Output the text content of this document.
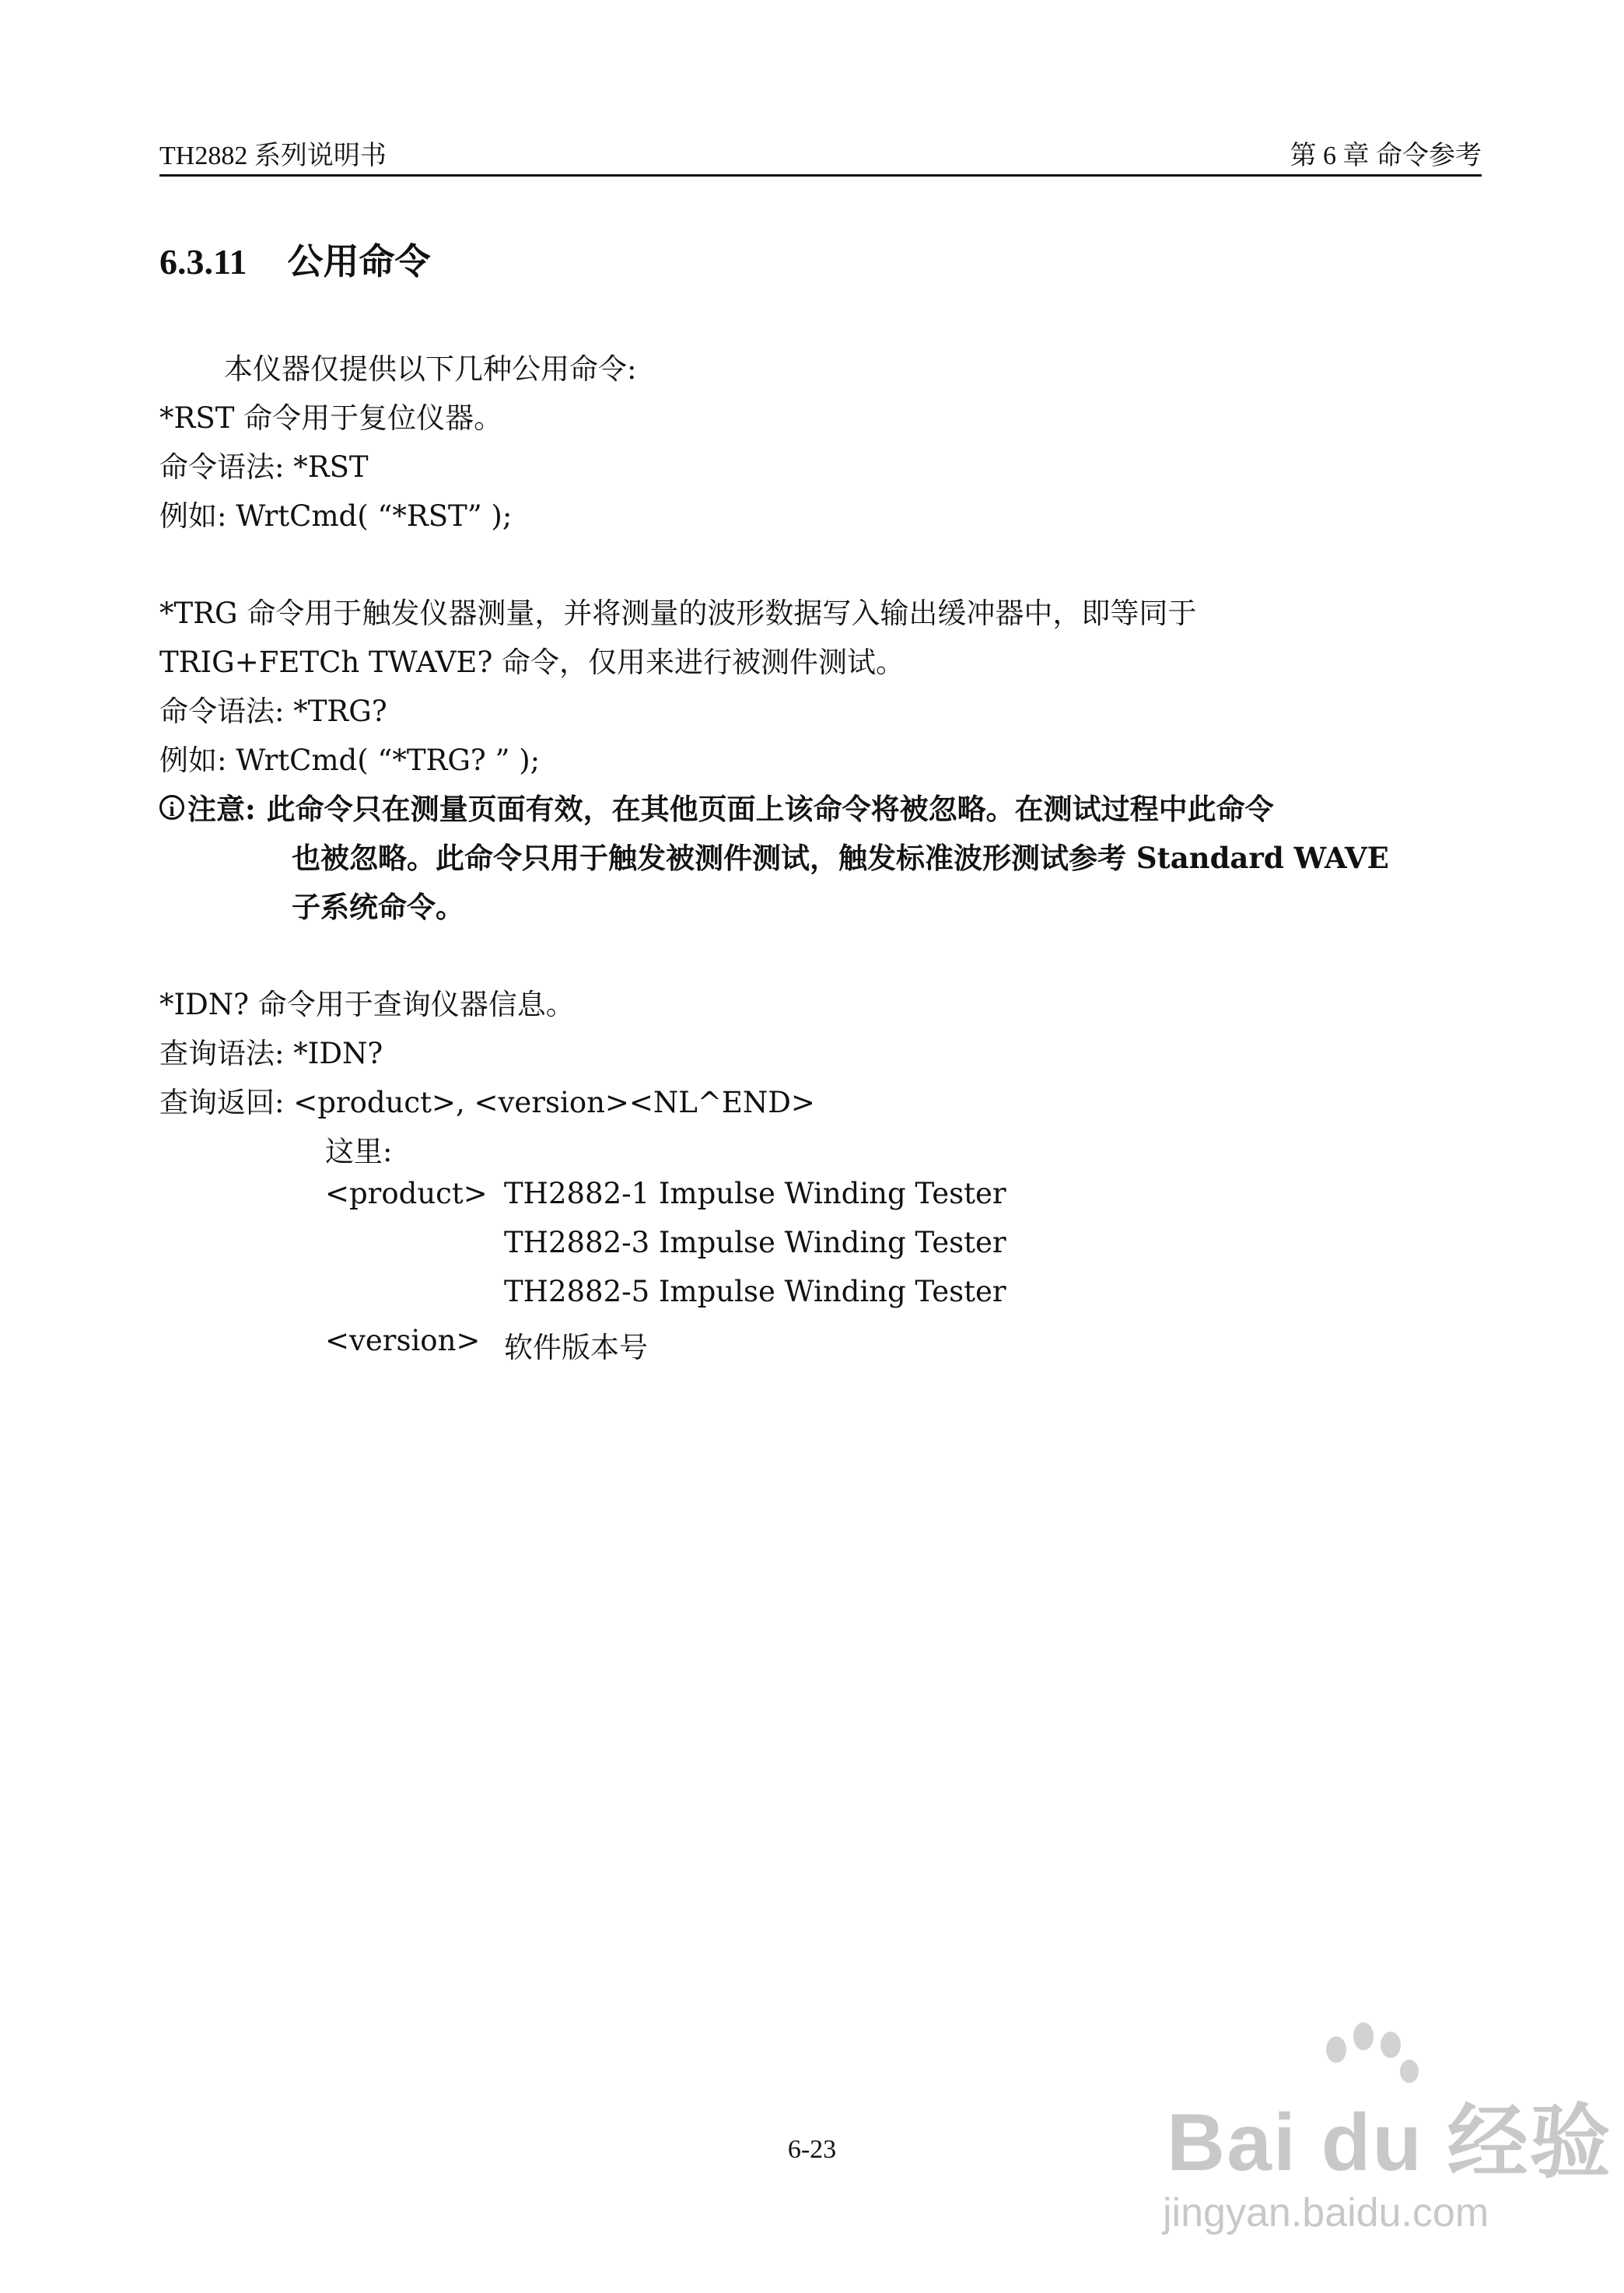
TH2882 系列说明书	第 6 章 命令参考
6.3.11 公用命令
本仪器仅提供以下几种公用命令:
*RST 命令用于复位仪器。
命令语法: *RST
例如: WrtCmd( “*RST” );
*TRG 命令用于触发仪器测量，并将测量的波形数据写入输出缓冲器中，即等同于
TRIG+FETCh TWAVE? 命令，仅用来进行被测件测试。
命令语法: *TRG?
例如: WrtCmd( “*TRG? ” );
i 注意: 此命令只在测量页面有效，在其他页面上该命令将被忽略。在测试过程中此命令
也被忽略。此命令只用于触发被测件测试，触发标准波形测试参考 Standard WAVE
子系统命令。
*IDN? 命令用于查询仪器信息。
查询语法: *IDN?
查询返回: <product>, <version><NL^END>
这里:
<product> TH2882-1 Impulse Winding Tester
TH2882-3 Impulse Winding Tester
TH2882-5 Impulse Winding Tester
<version> 软件版本号
6-23	Bai du 经验
jingyan.baidu.com
